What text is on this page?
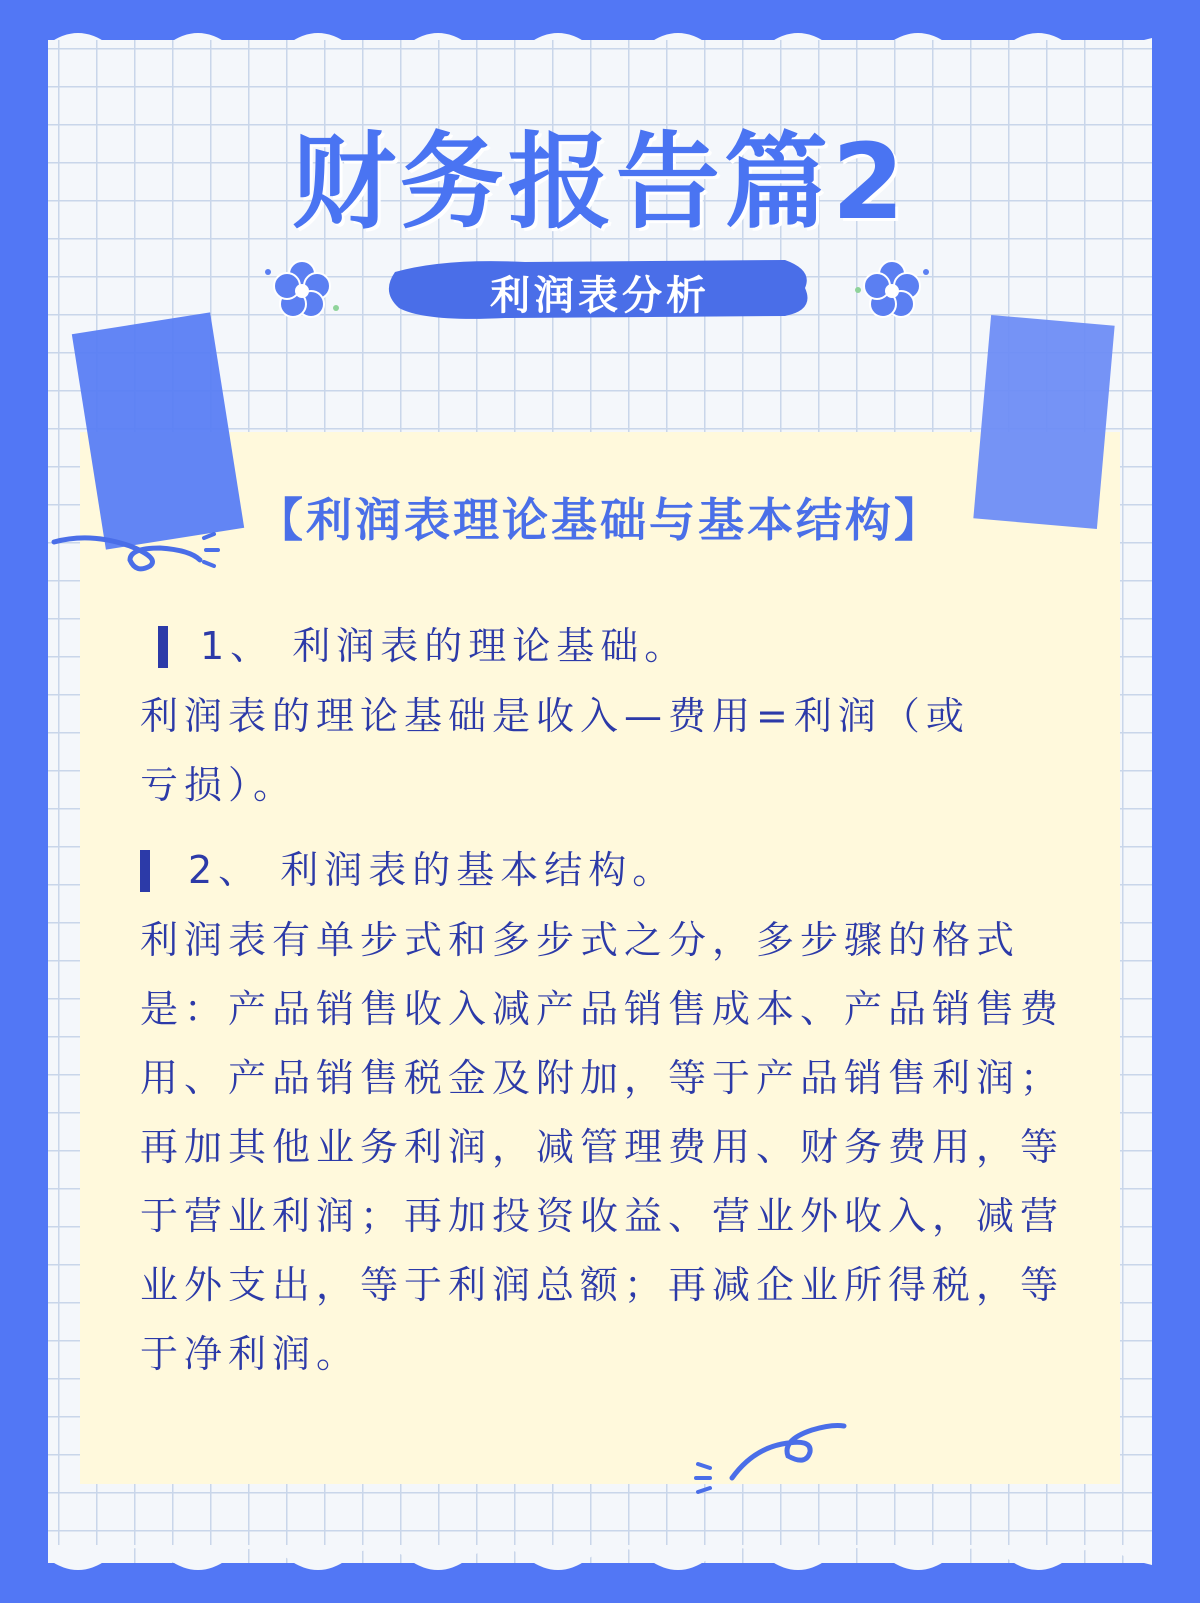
财务报告篇2
利润表分析
【利润表理论基础与基本结构】
1、 利润表的理论基础。
利润表的理论基础是收入—费用=利润（或亏损）。
2、 利润表的基本结构。
利润表有单步式和多步式之分，多步骤的格式是：产品销售收入减产品销售成本、产品销售费用、产品销售税金及附加，等于产品销售利润；再加其他业务利润，减管理费用、财务费用，等于营业利润；再加投资收益、营业外收入，减营业外支出，等于利润总额；再减企业所得税，等于净利润。
